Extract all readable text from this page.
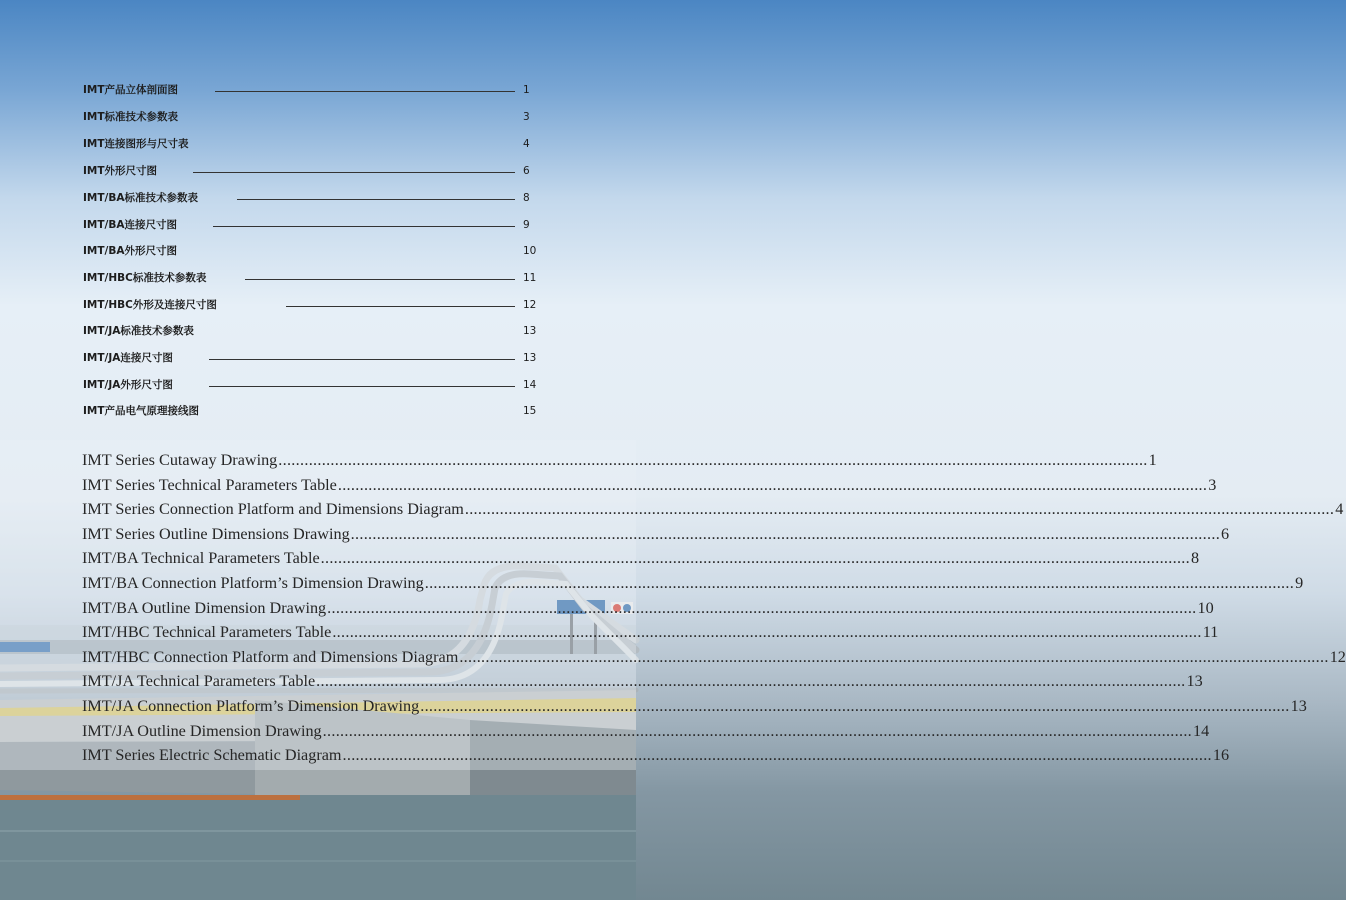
IMT产品立体剖面图	1
IMT标准技术参数表	3
IMT连接图形与尺寸表	4
IMT外形尺寸图	6
IMT/BA标准技术参数表	8
IMT/BA连接尺寸图	9
IMT/BA外形尺寸图	10
IMT/HBC标准技术参数表	11
IMT/HBC外形及连接尺寸图	12
IMT/JA标准技术参数表	13
IMT/JA连接尺寸图	13
IMT/JA外形尺寸图	14
IMT产品电气原理接线图	15
IMT Series Cutaway Drawing ........................................................................................................................................................................................................ 1
IMT Series Technical Parameters Table ........................................................................................................................................................................................................ 3
IMT Series Connection Platform and Dimensions Diagram ........................................................................................................................................................................................................ 4
IMT Series Outline Dimensions Drawing ........................................................................................................................................................................................................ 6
IMT/BA Technical Parameters Table ........................................................................................................................................................................................................ 8
IMT/BA Connection Platform’s Dimension Drawing ........................................................................................................................................................................................................ 9
IMT/BA Outline Dimension Drawing ........................................................................................................................................................................................................ 10
IMT/HBC Technical Parameters Table ........................................................................................................................................................................................................ 11
IMT/HBC Connection Platform and Dimensions Diagram ........................................................................................................................................................................................................ 12
IMT/JA Technical Parameters Table ........................................................................................................................................................................................................ 13
IMT/JA Connection Platform’s Dimension Drawing ........................................................................................................................................................................................................ 13
IMT/JA Outline Dimension Drawing ........................................................................................................................................................................................................ 14
IMT Series Electric Schematic Diagram ........................................................................................................................................................................................................ 16
